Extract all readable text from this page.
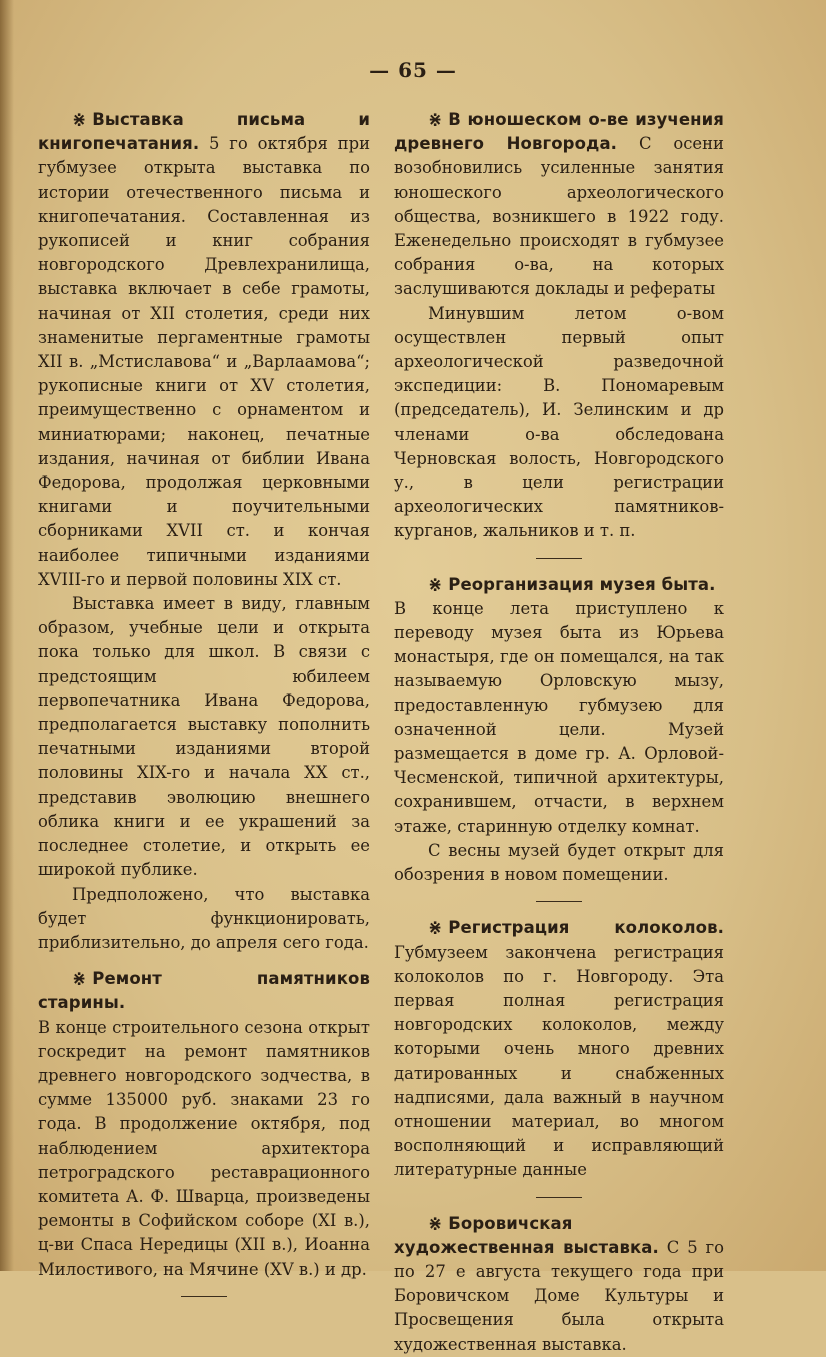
— 65 —

⋇ Выставка письма и книгопечатания. 5 го октября при губмузее открыта выставка по истории отечественного письма и книгопечатания. Составленная из рукописей и книг собрания новгородского Древлехранилища, выставка включает в себе грамоты, начиная от XII столетия, среди них знаменитые пергаментные грамоты XII в. „Мстиславова“ и „Варлаамова“; рукописные книги от XV столетия, преимущественно с орнаментом и миниатюрами; наконец, печатные издания, начиная от библии Ивана Федорова, продолжая церковными книгами и поучительными сборниками XVII ст. и кончая наиболее типичными изданиями XVIII-го и первой половины XIX ст.

Выставка имеет в виду, главным образом, учебные цели и открыта пока только для школ. В связи с предстоящим юбилеем первопечатника Ивана Федорова, предполагается выставку пополнить печатными изданиями второй половины XIX-го и начала XX ст., представив эволюцию внешнего облика книги и ее украшений за последнее столетие, и открыть ее широкой публике.

Предположено, что выставка будет функционировать, приблизительно, до апреля сего года.

⋇ Ремонт памятников старины.

В конце строительного сезона открыт госкредит на ремонт памятников древнего новгородского зодчества, в сумме 135000 руб. знаками 23 го года. В продолжение октября, под наблюдением архитектора петроградского реставрационного комитета А. Ф. Шварца, произведены ремонты в Софийском соборе (XI в.), ц-ви Спаса Нередицы (XII в.), Иоанна Милостивого, на Мячине (XV в.) и др.

⋇ В юношеском о-ве изучения древнего Новгорода. С осени возобновились усиленные занятия юношеского археологического общества, возникшего в 1922 году. Еженедельно происходят в губмузее собрания о-ва, на которых заслушиваются доклады и рефераты

Минувшим летом о-вом осуществлен первый опыт археологической разведочной экспедиции: В. Пономаревым (председатель), И. Зелинским и др членами о-ва обследована Черновская волость, Новгородского у., в цели регистрации археологических памятников-курганов, жальников и т. п.

⋇ Реорганизация музея быта.

В конце лета приступлено к переводу музея быта из Юрьева монастыря, где он помещался, на так называемую Орловскую мызу, предоставленную губмузею для означенной цели. Музей размещается в доме гр. А. Орловой-Чесменской, типичной архитектуры, сохранившем, отчасти, в верхнем этаже, старинную отделку комнат.

С весны музей будет открыт для обозрения в новом помещении.

⋇ Регистрация колоколов. Губмузеем закончена регистрация колоколов по г. Новгороду. Эта первая полная регистрация новгородских колоколов, между которыми очень много древних датированных и снабженных надписями, дала важный в научном отношении материал, во многом восполняющий и исправляющий литературные данные

⋇ Боровичская художественная выставка. С 5 го по 27 е августа текущего года при Боровичском Доме Культуры и Просвещения была открыта художественная выставка.
